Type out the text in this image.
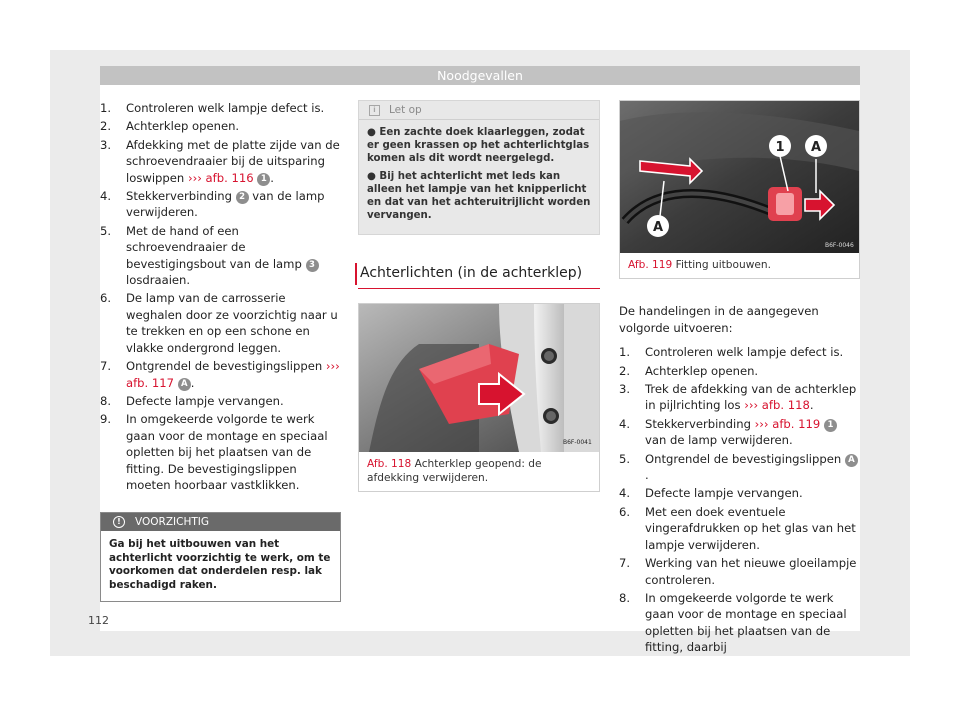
Noodgevallen
1. Controleren welk lampje defect is.
2. Achterklep openen.
3. Afdekking met de platte zijde van de schroevendraaier bij de uitsparing loswippen ››› afb. 116 1 .
4. Stekkerverbinding 2 van de lamp verwijderen.
5. Met de hand of een schroevendraaier de bevestigingsbout van de lamp 3 losdraaien.
6. De lamp van de carrosserie weghalen door ze voorzichtig naar u te trekken en op een schone en vlakke ondergrond leggen.
7. Ontgrendel de bevestigingslippen ››› afb. 117 A .
8. Defecte lampje vervangen.
9. In omgekeerde volgorde te werk gaan voor de montage en speciaal opletten bij het plaatsen van de fitting. De bevestigingslippen moeten hoorbaar vastklikken.
!	VOORZICHTIG
Ga bij het uitbouwen van het achterlicht voorzichtig te werk, om te voorkomen dat onderdelen resp. lak beschadigd raken.
i	Let op

● Een zachte doek klaarleggen, zodat er geen krassen op het achterlichtglas komen als dit wordt neergelegd.

● Bij het achterlicht met leds kan alleen het lampje van het knipperlicht en dat van het achteruitrijlicht worden vervangen.

Achterlichten (in de achterklep)
B6F-0041
Afb. 118 Achterklep geopend: de afdekking verwijderen.
1 A
A
B6F-0046
Afb. 119 Fitting uitbouwen.
De handelingen in de aangegeven volgorde uitvoeren:
1. Controleren welk lampje defect is.
2. Achterklep openen.
3. Trek de afdekking van de achterklep in pijlrichting los ››› afb. 118.
4. Stekkerverbinding ››› afb. 119 1 van de lamp verwijderen.
5. Ontgrendel de bevestigingslippen A.
4. Defecte lampje vervangen.
6. Met een doek eventuele vingerafdrukken op het glas van het lampje verwijderen.
7. Werking van het nieuwe gloeilampje controleren.
8. In omgekeerde volgorde te werk gaan voor de montage en speciaal opletten bij het plaatsen van de fitting, daarbij
112
